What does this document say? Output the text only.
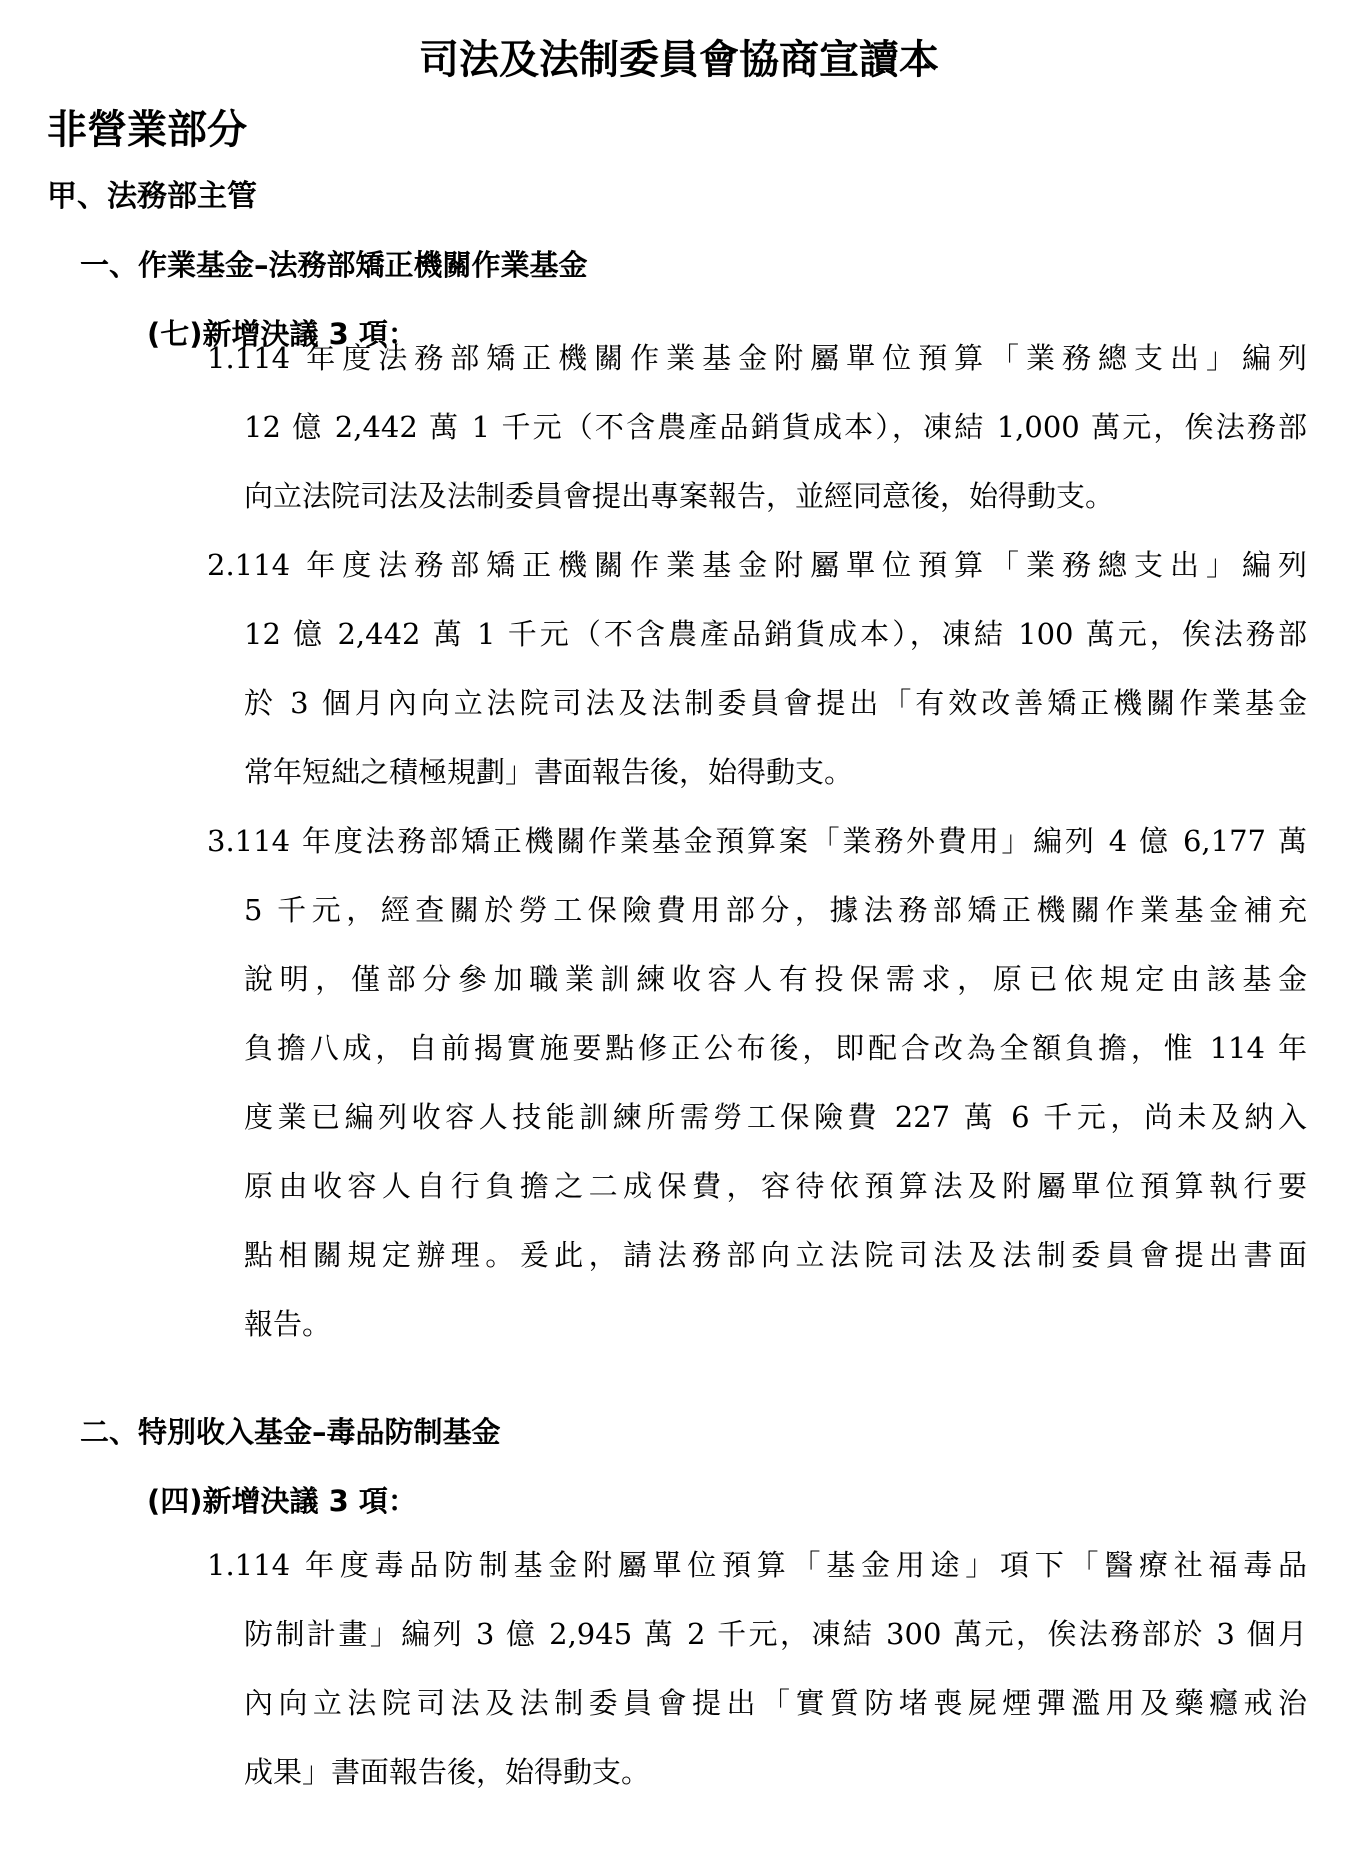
司法及法制委員會協商宣讀本
非營業部分
甲、法務部主管
一、作業基金–法務部矯正機關作業基金
(七)新增決議 3 項：
1.114 年度法務部矯正機關作業基金附屬單位預算「業務總支出」編列
12 億 2,442 萬 1 千元（不含農產品銷貨成本），凍結 1,000 萬元，俟法務部
向立法院司法及法制委員會提出專案報告，並經同意後，始得動支。
2.114 年度法務部矯正機關作業基金附屬單位預算「業務總支出」編列
12 億 2,442 萬 1 千元（不含農產品銷貨成本），凍結 100 萬元，俟法務部
於 3 個月內向立法院司法及法制委員會提出「有效改善矯正機關作業基金
常年短絀之積極規劃」書面報告後，始得動支。
3.114 年度法務部矯正機關作業基金預算案「業務外費用」編列 4 億 6,177 萬
5 千元，經查關於勞工保險費用部分，據法務部矯正機關作業基金補充
說明，僅部分參加職業訓練收容人有投保需求，原已依規定由該基金
負擔八成，自前揭實施要點修正公布後，即配合改為全額負擔，惟 114 年
度業已編列收容人技能訓練所需勞工保險費 227 萬 6 千元，尚未及納入
原由收容人自行負擔之二成保費，容待依預算法及附屬單位預算執行要
點相關規定辦理。爰此，請法務部向立法院司法及法制委員會提出書面
報告。
二、特別收入基金–毒品防制基金
(四)新增決議 3 項：
1.114 年度毒品防制基金附屬單位預算「基金用途」項下「醫療社福毒品
防制計畫」編列 3 億 2,945 萬 2 千元，凍結 300 萬元，俟法務部於 3 個月
內向立法院司法及法制委員會提出「實質防堵喪屍煙彈濫用及藥癮戒治
成果」書面報告後，始得動支。
